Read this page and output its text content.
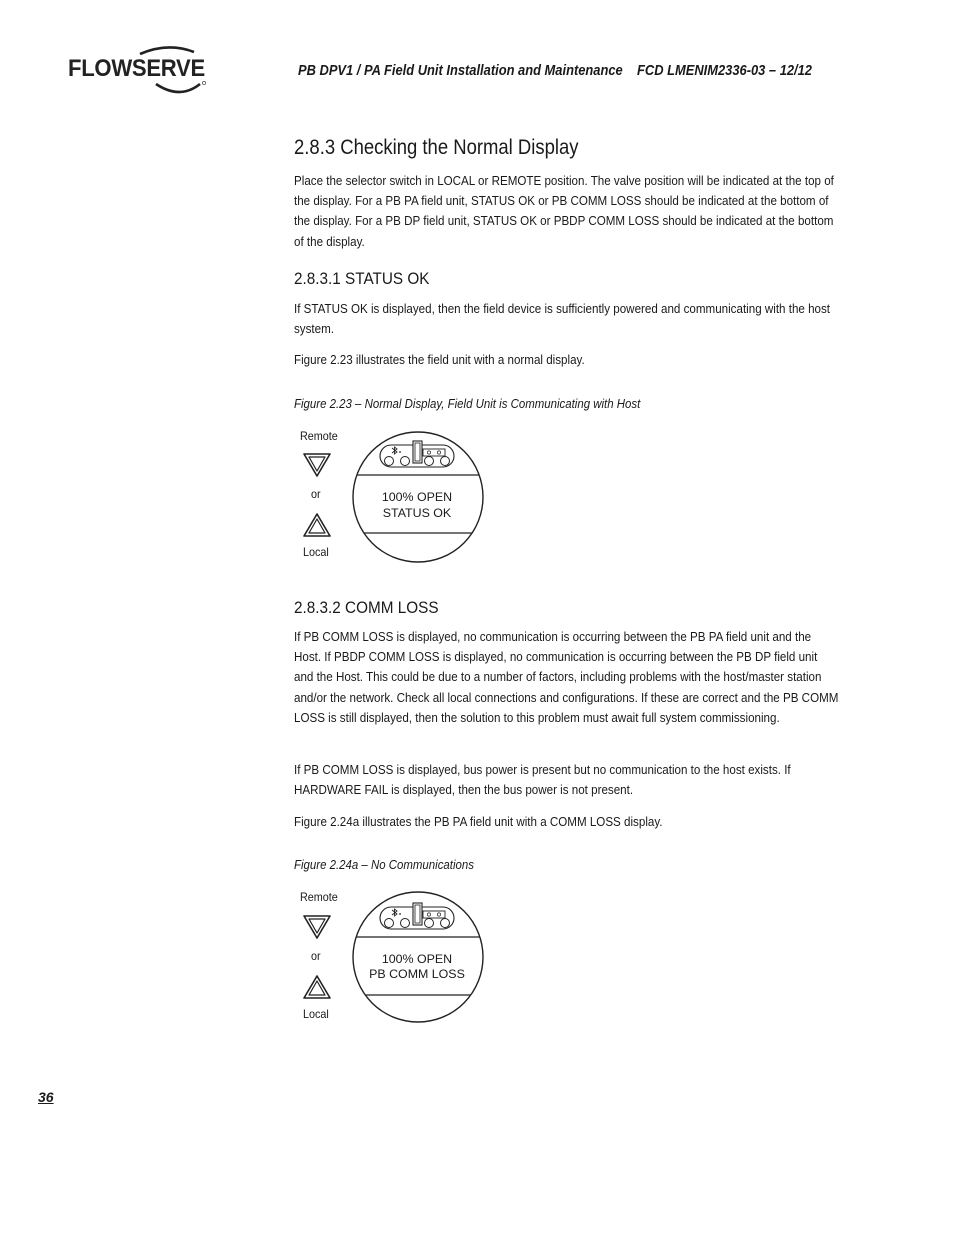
FLOWSERVE	PB DPV1 / PA Field Unit Installation and Maintenance    FCD LMENIM2336-03 – 12/12
2.8.3 Checking the Normal Display
Place the selector switch in LOCAL or REMOTE position. The valve position will be indicated at the top of the display. For a PB PA field unit, STATUS OK or PB COMM LOSS should be indicated at the bottom of the display. For a PB DP field unit, STATUS OK or PBDP COMM LOSS should be indicated at the bottom of the display.
2.8.3.1 STATUS OK
If STATUS OK is displayed, then the field device is sufficiently powered and communicating with the host system.
Figure 2.23 illustrates the field unit with a normal display.
Figure 2.23 – Normal Display, Field Unit is Communicating with Host
Remote
or
Local
100% OPEN
STATUS OK
2.8.3.2 COMM LOSS
If PB COMM LOSS is displayed, no communication is occurring between the PB PA field unit and the Host. If PBDP COMM LOSS is displayed, no communication is occurring between the PB DP field unit and the Host. This could be due to a number of factors, including problems with the host/master station and/or the network. Check all local connections and configurations. If these are correct and the PB COMM LOSS is still displayed, then the solution to this problem must await full system commissioning.
If PB COMM LOSS is displayed, bus power is present but no communication to the host exists. If HARDWARE FAIL is displayed, then the bus power is not present.
Figure 2.24a illustrates the PB PA field unit with a COMM LOSS display.
Figure 2.24a – No Communications
Remote
or
Local
100% OPEN
PB COMM LOSS
36
